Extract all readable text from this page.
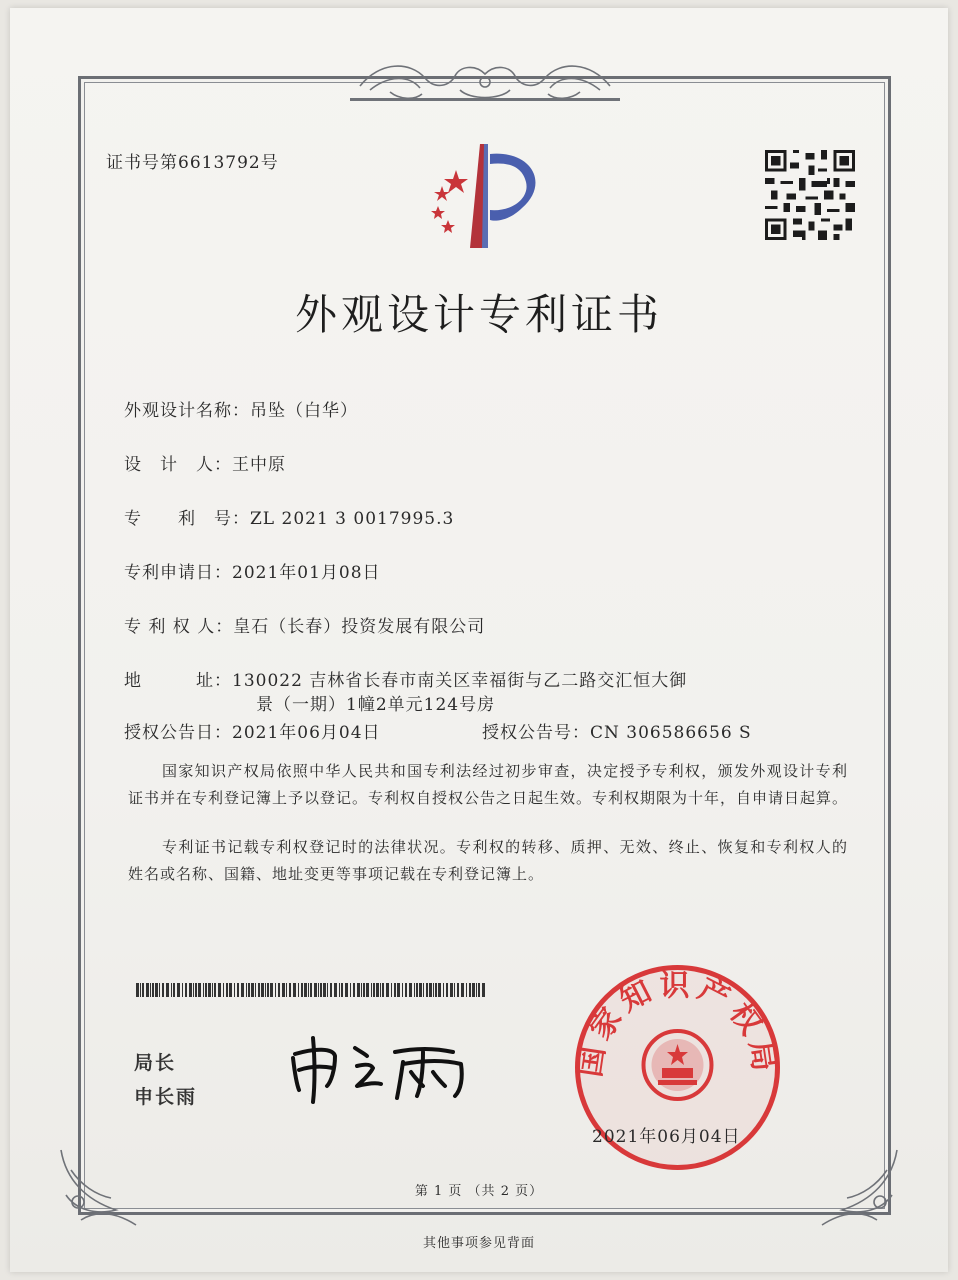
证书号第6613792号
外观设计专利证书
外观设计名称：吊坠（白华）
设　计　人：王中原
专　　利　号：ZL 2021 3 0017995.3
专利申请日：2021年01月08日
专 利 权 人：皇石（长春）投资发展有限公司
地　　　址：130022 吉林省长春市南关区幸福街与乙二路交汇恒大御
景（一期）1幢2单元124号房
授权公告日：2021年06月04日	授权公告号：CN 306586656 S
国家知识产权局依照中华人民共和国专利法经过初步审查，决定授予专利权，颁发外观设计专利证书并在专利登记簿上予以登记。专利权自授权公告之日起生效。专利权期限为十年，自申请日起算。
专利证书记载专利权登记时的法律状况。专利权的转移、质押、无效、终止、恢复和专利权人的姓名或名称、国籍、地址变更等事项记载在专利登记簿上。
局长
申长雨
国家知识产权局
2021年06月04日
第 1 页 （共 2 页）
其他事项参见背面
